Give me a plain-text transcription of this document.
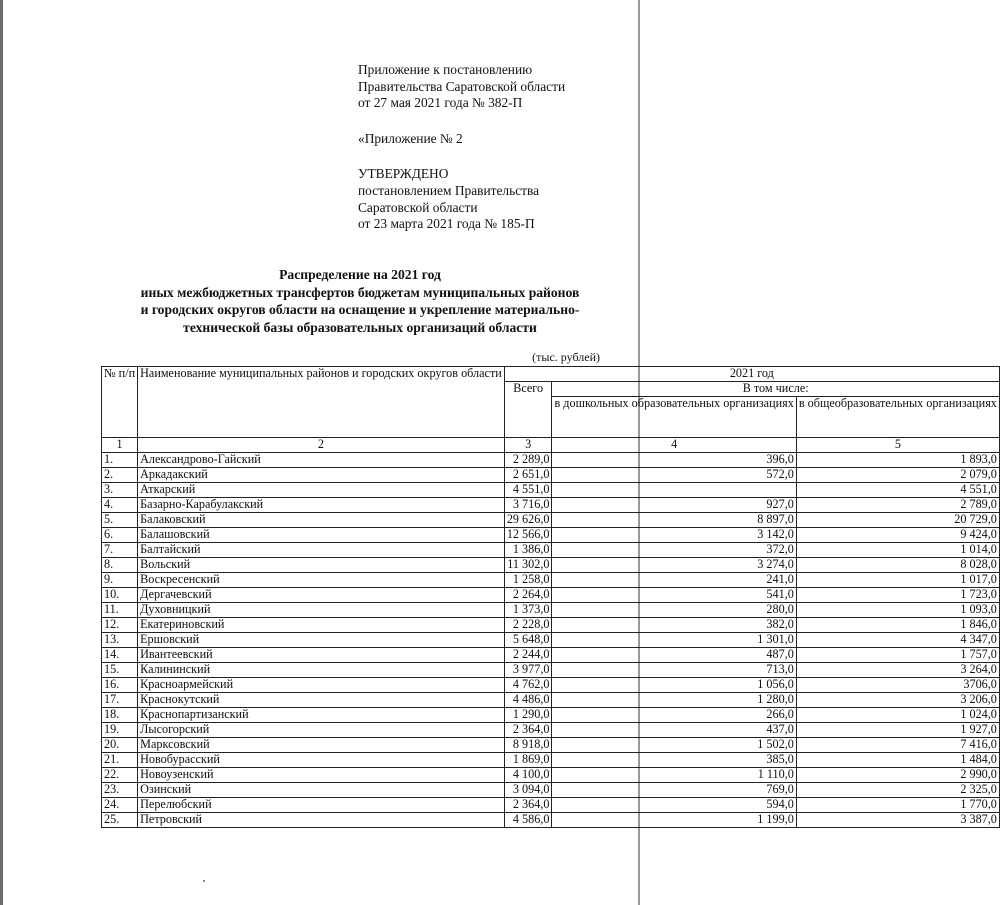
Приложение к постановлению
Правительства Саратовской области
от 27 мая 2021 года № 382-П
«Приложение № 2
УТВЕРЖДЕНО
постановлением Правительства
Саратовской области
от 23 марта 2021 года № 185-П
Распределение на 2021 год
иных межбюджетных трансфертов бюджетам муниципальных районов
и городских округов области на оснащение и укрепление материально-
технической базы образовательных организаций области
(тыс. рублей)
№ п/п	Наименование муниципальных районов и городских округов области	2021 год		
		Всего	В том числе:	
			в дошкольных образовательных организациях	в общеобразовательных организациях
1	2	3	4	5
1.	Александрово-Гайский	2 289,0	396,0	1 893,0
2.	Аркадакский	2 651,0	572,0	2 079,0
3.	Аткарский	4 551,0		4 551,0
4.	Базарно-Карабулакский	3 716,0	927,0	2 789,0
5.	Балаковский	29 626,0	8 897,0	20 729,0
6.	Балашовский	12 566,0	3 142,0	9 424,0
7.	Балтайский	1 386,0	372,0	1 014,0
8.	Вольский	11 302,0	3 274,0	8 028,0
9.	Воскресенский	1 258,0	241,0	1 017,0
10.	Дергачевский	2 264,0	541,0	1 723,0
11.	Духовницкий	1 373,0	280,0	1 093,0
12.	Екатериновский	2 228,0	382,0	1 846,0
13.	Ершовский	5 648,0	1 301,0	4 347,0
14.	Ивантеевский	2 244,0	487,0	1 757,0
15.	Калининский	3 977,0	713,0	3 264,0
16.	Красноармейский	4 762,0	1 056,0	3706,0
17.	Краснокутский	4 486,0	1 280,0	3 206,0
18.	Краснопартизанский	1 290,0	266,0	1 024,0
19.	Лысогорский	2 364,0	437,0	1 927,0
20.	Марксовский	8 918,0	1 502,0	7 416,0
21.	Новобурасский	1 869,0	385,0	1 484,0
22.	Новоузенский	4 100,0	1 110,0	2 990,0
23.	Озинский	3 094,0	769,0	2 325,0
24.	Перелюбский	2 364,0	594,0	1 770,0
25.	Петровский	4 586,0	1 199,0	3 387,0
